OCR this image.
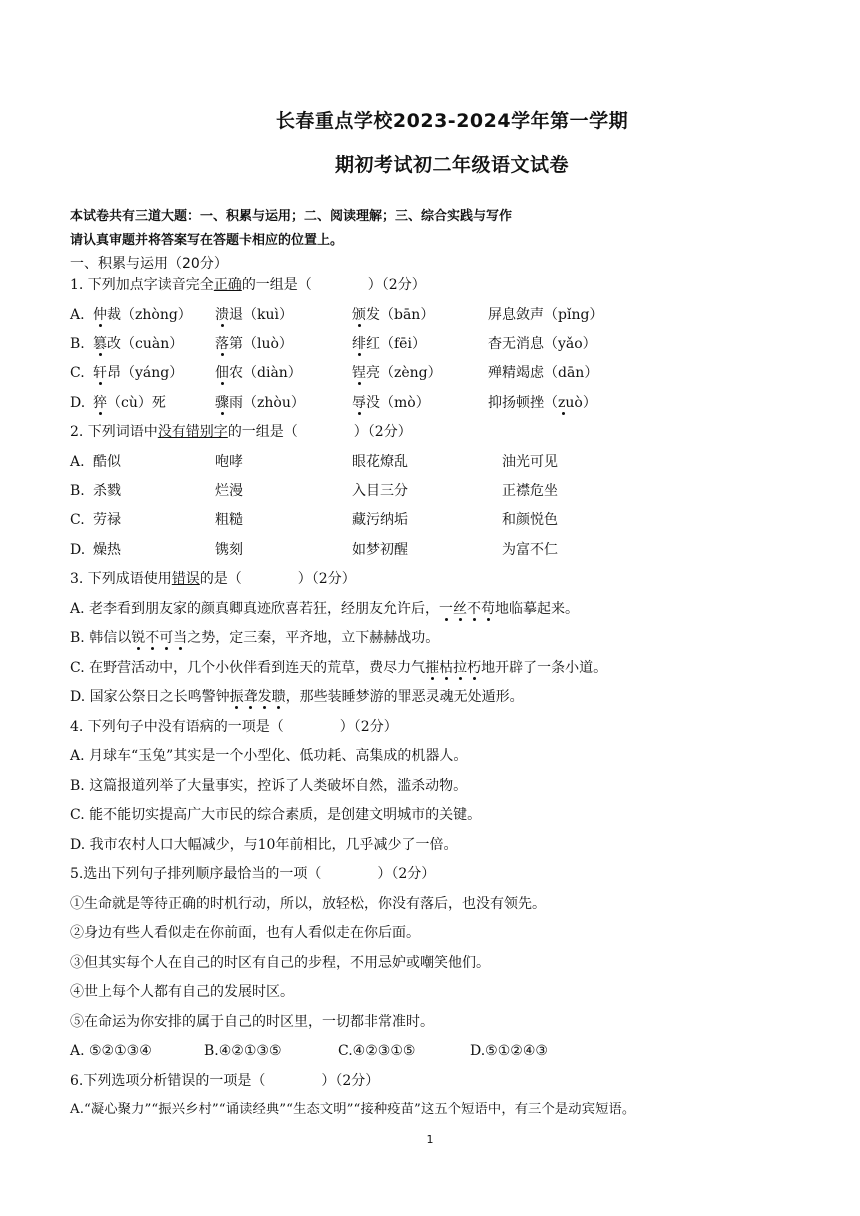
长春重点学校2023-2024学年第一学期
期初考试初二年级语文试卷
本试卷共有三道大题：一、积累与运用；二、阅读理解；三、综合实践与写作
请认真审题并将答案写在答题卡相应的位置上。
一、积累与运用（20分）
1. 下列加点字读音完全正确的一组是（　　　　）（2分）
A. 仲裁（zhòng） 溃退（kuì）	颁发（bān）	屏息敛声（pǐng）
B. 篡改（cuàn） 落第（luò）	绯红（fēi）	杳无消息（yǎo）
C. 轩昂（yáng） 佃农（diàn）	锃亮（zèng）	殚精竭虑（dān）
D. 猝（cù）死	骤雨（zhòu）	辱没（mò）	抑扬顿挫（zuò）
2. 下列词语中没有错别字的一组是（　　　　）（2分）
A. 酷似	咆哮	眼花燎乱	油光可见
B. 杀戮	烂漫	入目三分	正襟危坐
C. 劳禄	粗糙	藏污纳垢	和颜悦色
D. 燥热	镌刻	如梦初醒	为富不仁
3. 下列成语使用错误的是（　　　　）（2分）
A. 老李看到朋友家的颜真卿真迹欣喜若狂，经朋友允许后，一丝不苟地临摹起来。
B. 韩信以锐不可当之势，定三秦，平齐地，立下赫赫战功。
C. 在野营活动中，几个小伙伴看到连天的荒草，费尽力气摧枯拉朽地开辟了一条小道。
D. 国家公祭日之长鸣警钟振聋发聩，那些装睡梦游的罪恶灵魂无处遁形。
4. 下列句子中没有语病的一项是（　　　　）（2分）
A. 月球车“玉兔”其实是一个小型化、低功耗、高集成的机器人。
B. 这篇报道列举了大量事实，控诉了人类破坏自然，滥杀动物。
C. 能不能切实提高广大市民的综合素质，是创建文明城市的关键。
D. 我市农村人口大幅减少，与10年前相比，几乎减少了一倍。
5.选出下列句子排列顺序最恰当的一项（　　　　）（2分）
①生命就是等待正确的时机行动，所以，放轻松，你没有落后，也没有领先。
②身边有些人看似走在你前面，也有人看似走在你后面。
③但其实每个人在自己的时区有自己的步程，不用忌妒或嘲笑他们。
④世上每个人都有自己的发展时区。
⑤在命运为你安排的属于自己的时区里，一切都非常准时。
A. ⑤②①③④	B.④②①③⑤	C.④②③①⑤	D.⑤①②④③
6.下列选项分析错误的一项是（　　　　）（2分）
A.“凝心聚力”“振兴乡村”“诵读经典”“生态文明”“接种疫苗”这五个短语中，有三个是动宾短语。
1
